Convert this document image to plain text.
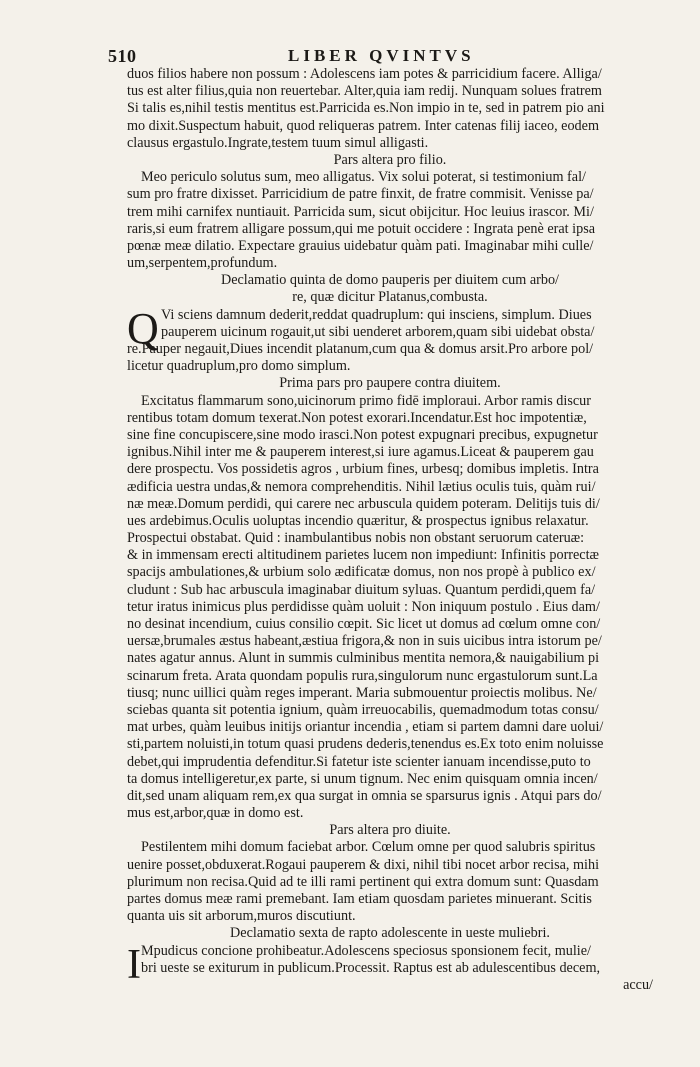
510	LIBER QVINTVS
duos filios habere non possum : Adolescens iam potes & parricidium facere. Alliga/
tus est alter filius,quia non reuertebar. Alter,quia iam redij. Nunquam solues fratrem
Si talis es,nihil testis mentitus est.Parricida es.Non impio in te, sed in patrem pio ani
mo dixit.Suspectum habuit, quod reliqueras patrem. Inter catenas filij iaceo, eodem
clausus ergastulo.Ingrate,testem tuum simul alligasti.
Pars altera pro filio.
Meo periculo solutus sum, meo alligatus. Vix solui poterat, si testimonium fal/
sum pro fratre dixisset. Parricidium de patre finxit, de fratre commisit. Venisse pa/
trem mihi carnifex nuntiauit. Parricida sum, sicut obijcitur. Hoc leuius irascor. Mi/
raris,si eum fratrem alligare possum,qui me potuit occidere : Ingrata penè erat ipsa
pœnæ meæ dilatio. Expectare grauius uidebatur quàm pati. Imaginabar mihi culle/
um,serpentem,profundum.
Declamatio quinta de domo pauperis per diuitem cum arbo/
re, quæ dicitur Platanus,combusta.
Q Vi sciens damnum dederit,reddat quadruplum: qui insciens, simplum. Diues
pauperem uicinum rogauit,ut sibi uenderet arborem,quam sibi uidebat obsta/
re.Pauper negauit,Diues incendit platanum,cum qua & domus arsit.Pro arbore pol/
licetur quadruplum,pro domo simplum.
Prima pars pro paupere contra diuitem.
Excitatus flammarum sono,uicinorum primo fidē imploraui. Arbor ramis discur
rentibus totam domum texerat.Non potest exorari.Incendatur.Est hoc impotentiæ,
sine fine concupiscere,sine modo irasci.Non potest expugnari precibus, expugnetur
ignibus.Nihil inter me & pauperem interest,si iure agamus.Liceat & pauperem gau
dere prospectu. Vos possidetis agros , urbium fines, urbesq; domibus impletis. Intra
ædificia uestra undas,& nemora comprehenditis. Nihil lætius oculis tuis, quàm rui/
næ meæ.Domum perdidi, qui carere nec arbuscula quidem poteram. Delitijs tuis di/
ues ardebimus.Oculis uoluptas incendio quæritur, & prospectus ignibus relaxatur.
Prospectui obstabat. Quid : inambulantibus nobis non obstant seruorum cateruæ:
& in immensam erecti altitudinem parietes lucem non impediunt: Infinitis porrectæ
spacijs ambulationes,& urbium solo ædificatæ domus, non nos propè à publico ex/
cludunt : Sub hac arbuscula imaginabar diuitum syluas. Quantum perdidi,quem fa/
tetur iratus inimicus plus perdidisse quàm uoluit : Non iniquum postulo . Eius dam/
no desinat incendium, cuius consilio cœpit. Sic licet ut domus ad cœlum omne con/
uersæ,brumales æstus habeant,æstiua frigora,& non in suis uicibus intra istorum pe/
nates agatur annus. Alunt in summis culminibus mentita nemora,& nauigabilium pi
scinarum freta. Arata quondam populis rura,singulorum nunc ergastulorum sunt.La
tiusq; nunc uillici quàm reges imperant. Maria submouentur proiectis molibus. Ne/
sciebas quanta sit potentia ignium, quàm irreuocabilis, quemadmodum totas consu/
mat urbes, quàm leuibus initijs oriantur incendia , etiam si partem damni dare uolui/
sti,partem noluisti,in totum quasi prudens dederis,tenendus es.Ex toto enim noluisse
debet,qui imprudentia defenditur.Si fatetur iste scienter ianuam incendisse,puto to
ta domus intelligeretur,ex parte, si unum tignum. Nec enim quisquam omnia incen/
dit,sed unam aliquam rem,ex qua surgat in omnia se sparsurus ignis . Atqui pars do/
mus est,arbor,quæ in domo est.
Pars altera pro diuite.
Pestilentem mihi domum faciebat arbor. Cœlum omne per quod salubris spiritus
uenire posset,obduxerat.Rogaui pauperem & dixi, nihil tibi nocet arbor recisa, mihi
plurimum non recisa.Quid ad te illi rami pertinent qui extra domum sunt: Quasdam
partes domus meæ rami premebant. Iam etiam quosdam parietes minuerant. Scitis
quanta uis sit arborum,muros discutiunt.
Declamatio sexta de rapto adolescente in ueste muliebri.
I Mpudicus concione prohibeatur.Adolescens speciosus sponsionem fecit, mulie/
bri ueste se exiturum in publicum.Processit. Raptus est ab adulescentibus decem,
accu/
